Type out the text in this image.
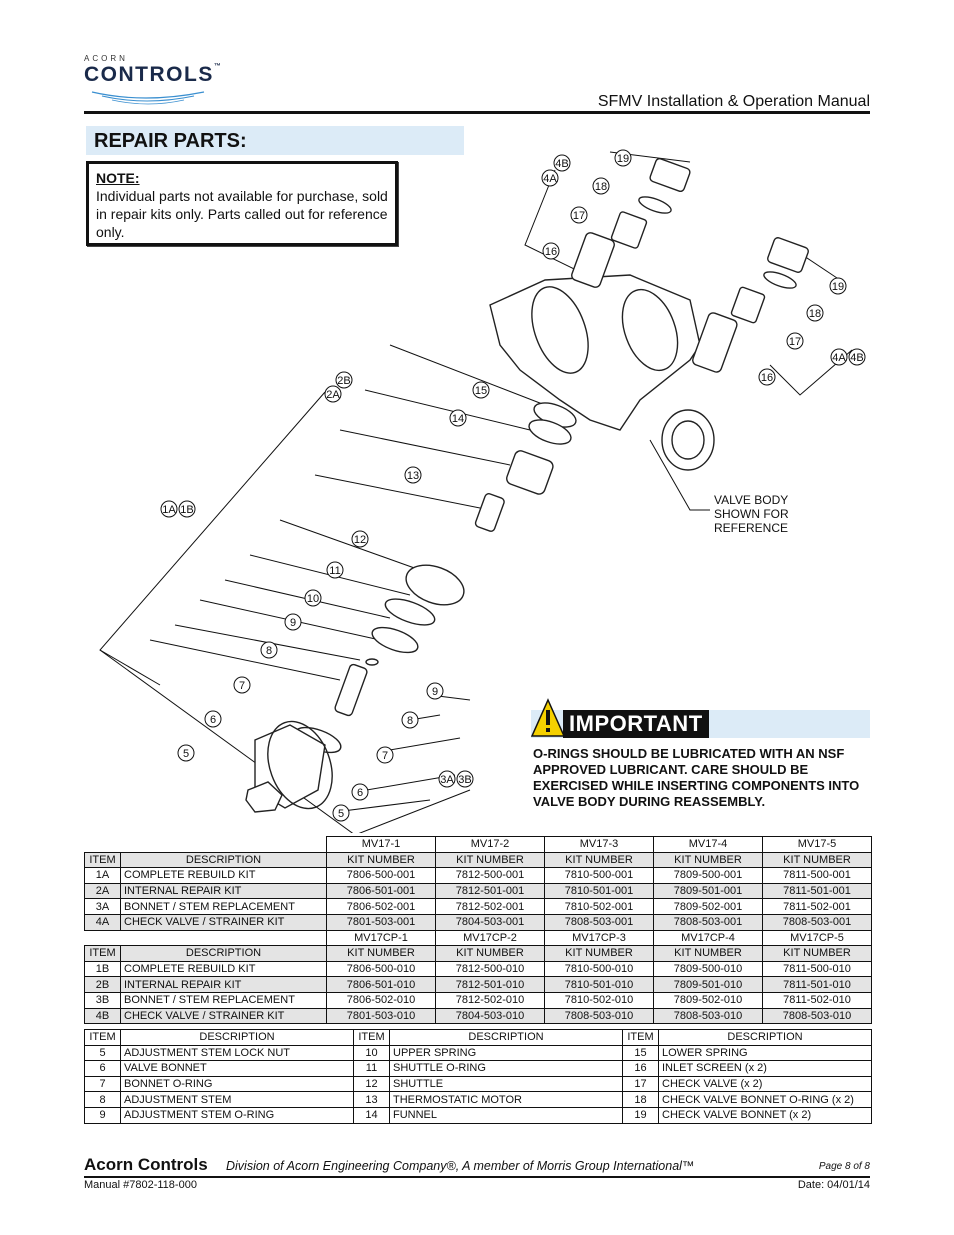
ACORN
CONTROLS™
SFMV Installation & Operation Manual
REPAIR PARTS:
NOTE:
Individual parts not available for purchase, sold in repair kits only. Parts called out for reference only.
4B
4A
19
18
17
16
19
18
17
4A 4B
16
2B
2A	15
14
13
1A 1B
12
11
10
9
8
7
6
5
9
8
7
6
5
3A 3B
VALVE BODY
SHOWN FOR
REFERENCE
IMPORTANT
O-RINGS SHOULD BE LUBRICATED WITH AN NSF APPROVED LUBRICANT. CARE SHOULD BE EXERCISED WHILE INSERTING COMPONENTS INTO VALVE BODY DURING REASSEMBLY.
		MV17-1	MV17-2	MV17-3	MV17-4	MV17-5
ITEM	DESCRIPTION	KIT NUMBER	KIT NUMBER	KIT NUMBER	KIT NUMBER	KIT NUMBER
1A	COMPLETE REBUILD KIT	7806-500-001	7812-500-001	7810-500-001	7809-500-001	7811-500-001
2A	INTERNAL REPAIR KIT	7806-501-001	7812-501-001	7810-501-001	7809-501-001	7811-501-001
3A	BONNET / STEM REPLACEMENT	7806-502-001	7812-502-001	7810-502-001	7809-502-001	7811-502-001
4A	CHECK VALVE / STRAINER KIT	7801-503-001	7804-503-001	7808-503-001	7808-503-001	7808-503-001
		MV17CP-1	MV17CP-2	MV17CP-3	MV17CP-4	MV17CP-5
ITEM	DESCRIPTION	KIT NUMBER	KIT NUMBER	KIT NUMBER	KIT NUMBER	KIT NUMBER
1B	COMPLETE REBUILD KIT	7806-500-010	7812-500-010	7810-500-010	7809-500-010	7811-500-010
2B	INTERNAL REPAIR KIT	7806-501-010	7812-501-010	7810-501-010	7809-501-010	7811-501-010
3B	BONNET / STEM REPLACEMENT	7806-502-010	7812-502-010	7810-502-010	7809-502-010	7811-502-010
4B	CHECK VALVE / STRAINER KIT	7801-503-010	7804-503-010	7808-503-010	7808-503-010	7808-503-010
ITEM	DESCRIPTION	ITEM	DESCRIPTION	ITEM	DESCRIPTION
5	ADJUSTMENT STEM LOCK NUT	10	UPPER SPRING	15	LOWER SPRING
6	VALVE BONNET	11	SHUTTLE O-RING	16	INLET SCREEN (x 2)
7	BONNET O-RING	12	SHUTTLE	17	CHECK VALVE (x 2)
8	ADJUSTMENT STEM	13	THERMOSTATIC MOTOR	18	CHECK VALVE BONNET O-RING (x 2)
9	ADJUSTMENT STEM O-RING	14	FUNNEL	19	CHECK VALVE BONNET (x 2)
Acorn Controls Division of Acorn Engineering Company®, A member of Morris Group International™	Page 8 of 8
Manual #7802-118-000	Date: 04/01/14
